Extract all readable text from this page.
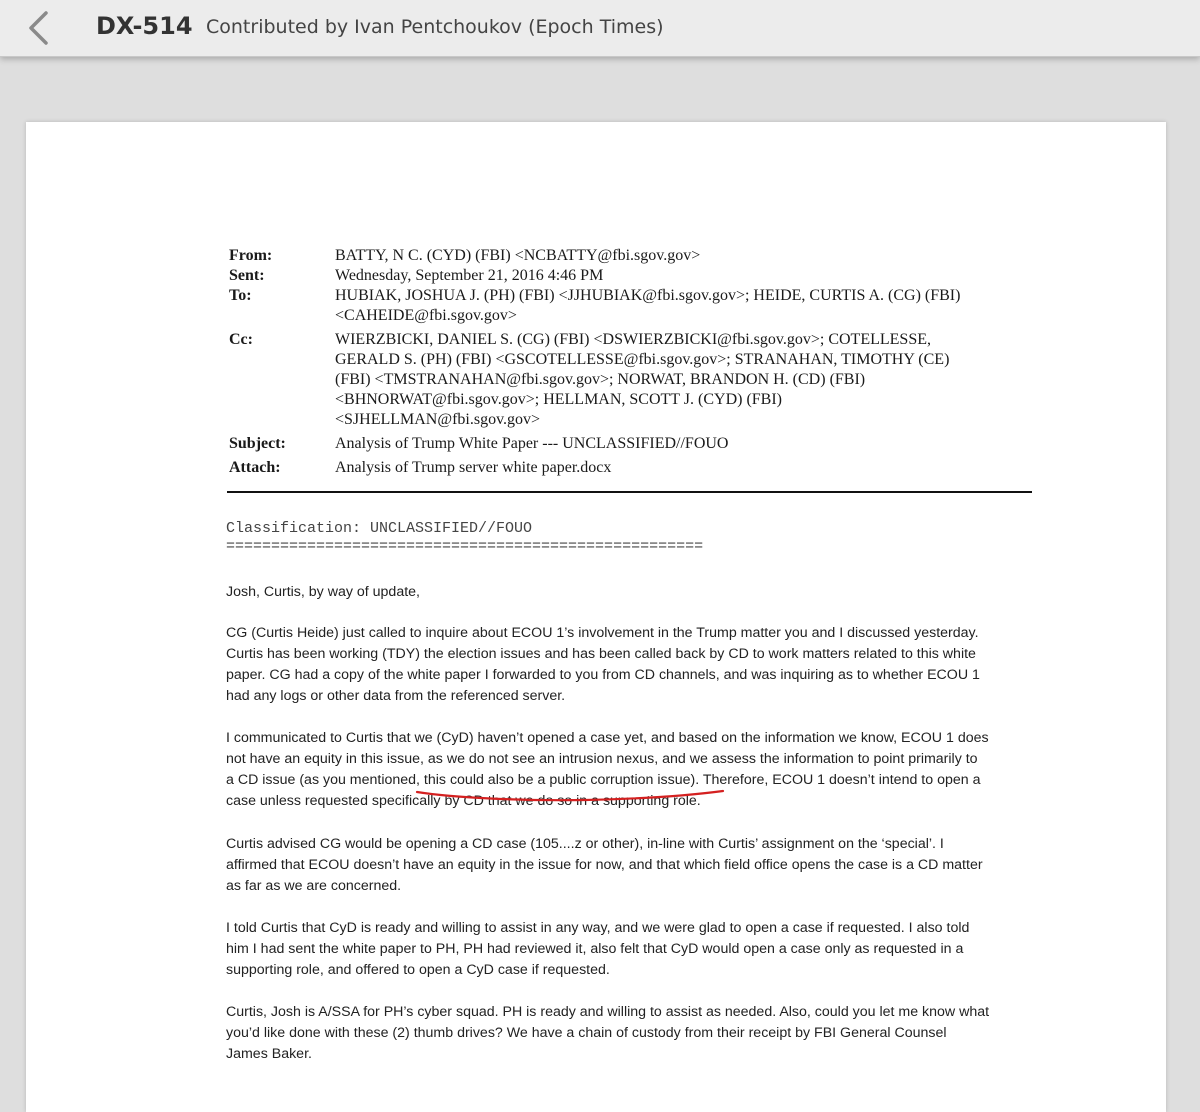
DX-514 Contributed by Ivan Pentchoukov (Epoch Times)
From:	BATTY, N C. (CYD) (FBI) <NCBATTY@fbi.sgov.gov>
Sent:	Wednesday, September 21, 2016 4:46 PM
To:	HUBIAK, JOSHUA J. (PH) (FBI) <JJHUBIAK@fbi.sgov.gov>; HEIDE, CURTIS A. (CG) (FBI)
<CAHEIDE@fbi.sgov.gov>
Cc:	WIERZBICKI, DANIEL S. (CG) (FBI) <DSWIERZBICKI@fbi.sgov.gov>; COTELLESSE,
GERALD S. (PH) (FBI) <GSCOTELLESSE@fbi.sgov.gov>; STRANAHAN, TIMOTHY (CE)
(FBI) <TMSTRANAHAN@fbi.sgov.gov>; NORWAT, BRANDON H. (CD) (FBI)
<BHNORWAT@fbi.sgov.gov>; HELLMAN, SCOTT J. (CYD) (FBI)
<SJHELLMAN@fbi.sgov.gov>
Subject:	Analysis of Trump White Paper --- UNCLASSIFIED//FOUO
Attach:	Analysis of Trump server white paper.docx
Classification: UNCLASSIFIED//FOUO
=====================================================
Josh, Curtis, by way of update,
CG (Curtis Heide) just called to inquire about ECOU 1’s involvement in the Trump matter you and I discussed yesterday.
Curtis has been working (TDY) the election issues and has been called back by CD to work matters related to this white
paper. CG had a copy of the white paper I forwarded to you from CD channels, and was inquiring as to whether ECOU 1
had any logs or other data from the referenced server.
I communicated to Curtis that we (CyD) haven’t opened a case yet, and based on the information we know, ECOU 1 does
not have an equity in this issue, as we do not see an intrusion nexus, and we assess the information to point primarily to
a CD issue (as you mentioned, this could also be a public corruption issue). Therefore, ECOU 1 doesn’t intend to open a
case unless requested specifically by CD that we do so in a supporting role.
Curtis advised CG would be opening a CD case (105....z or other), in-line with Curtis’ assignment on the ‘special’. I
affirmed that ECOU doesn’t have an equity in the issue for now, and that which field office opens the case is a CD matter
as far as we are concerned.
I told Curtis that CyD is ready and willing to assist in any way, and we were glad to open a case if requested. I also told
him I had sent the white paper to PH, PH had reviewed it, also felt that CyD would open a case only as requested in a
supporting role, and offered to open a CyD case if requested.
Curtis, Josh is A/SSA for PH’s cyber squad. PH is ready and willing to assist as needed. Also, could you let me know what
you’d like done with these (2) thumb drives? We have a chain of custody from their receipt by FBI General Counsel
James Baker.
